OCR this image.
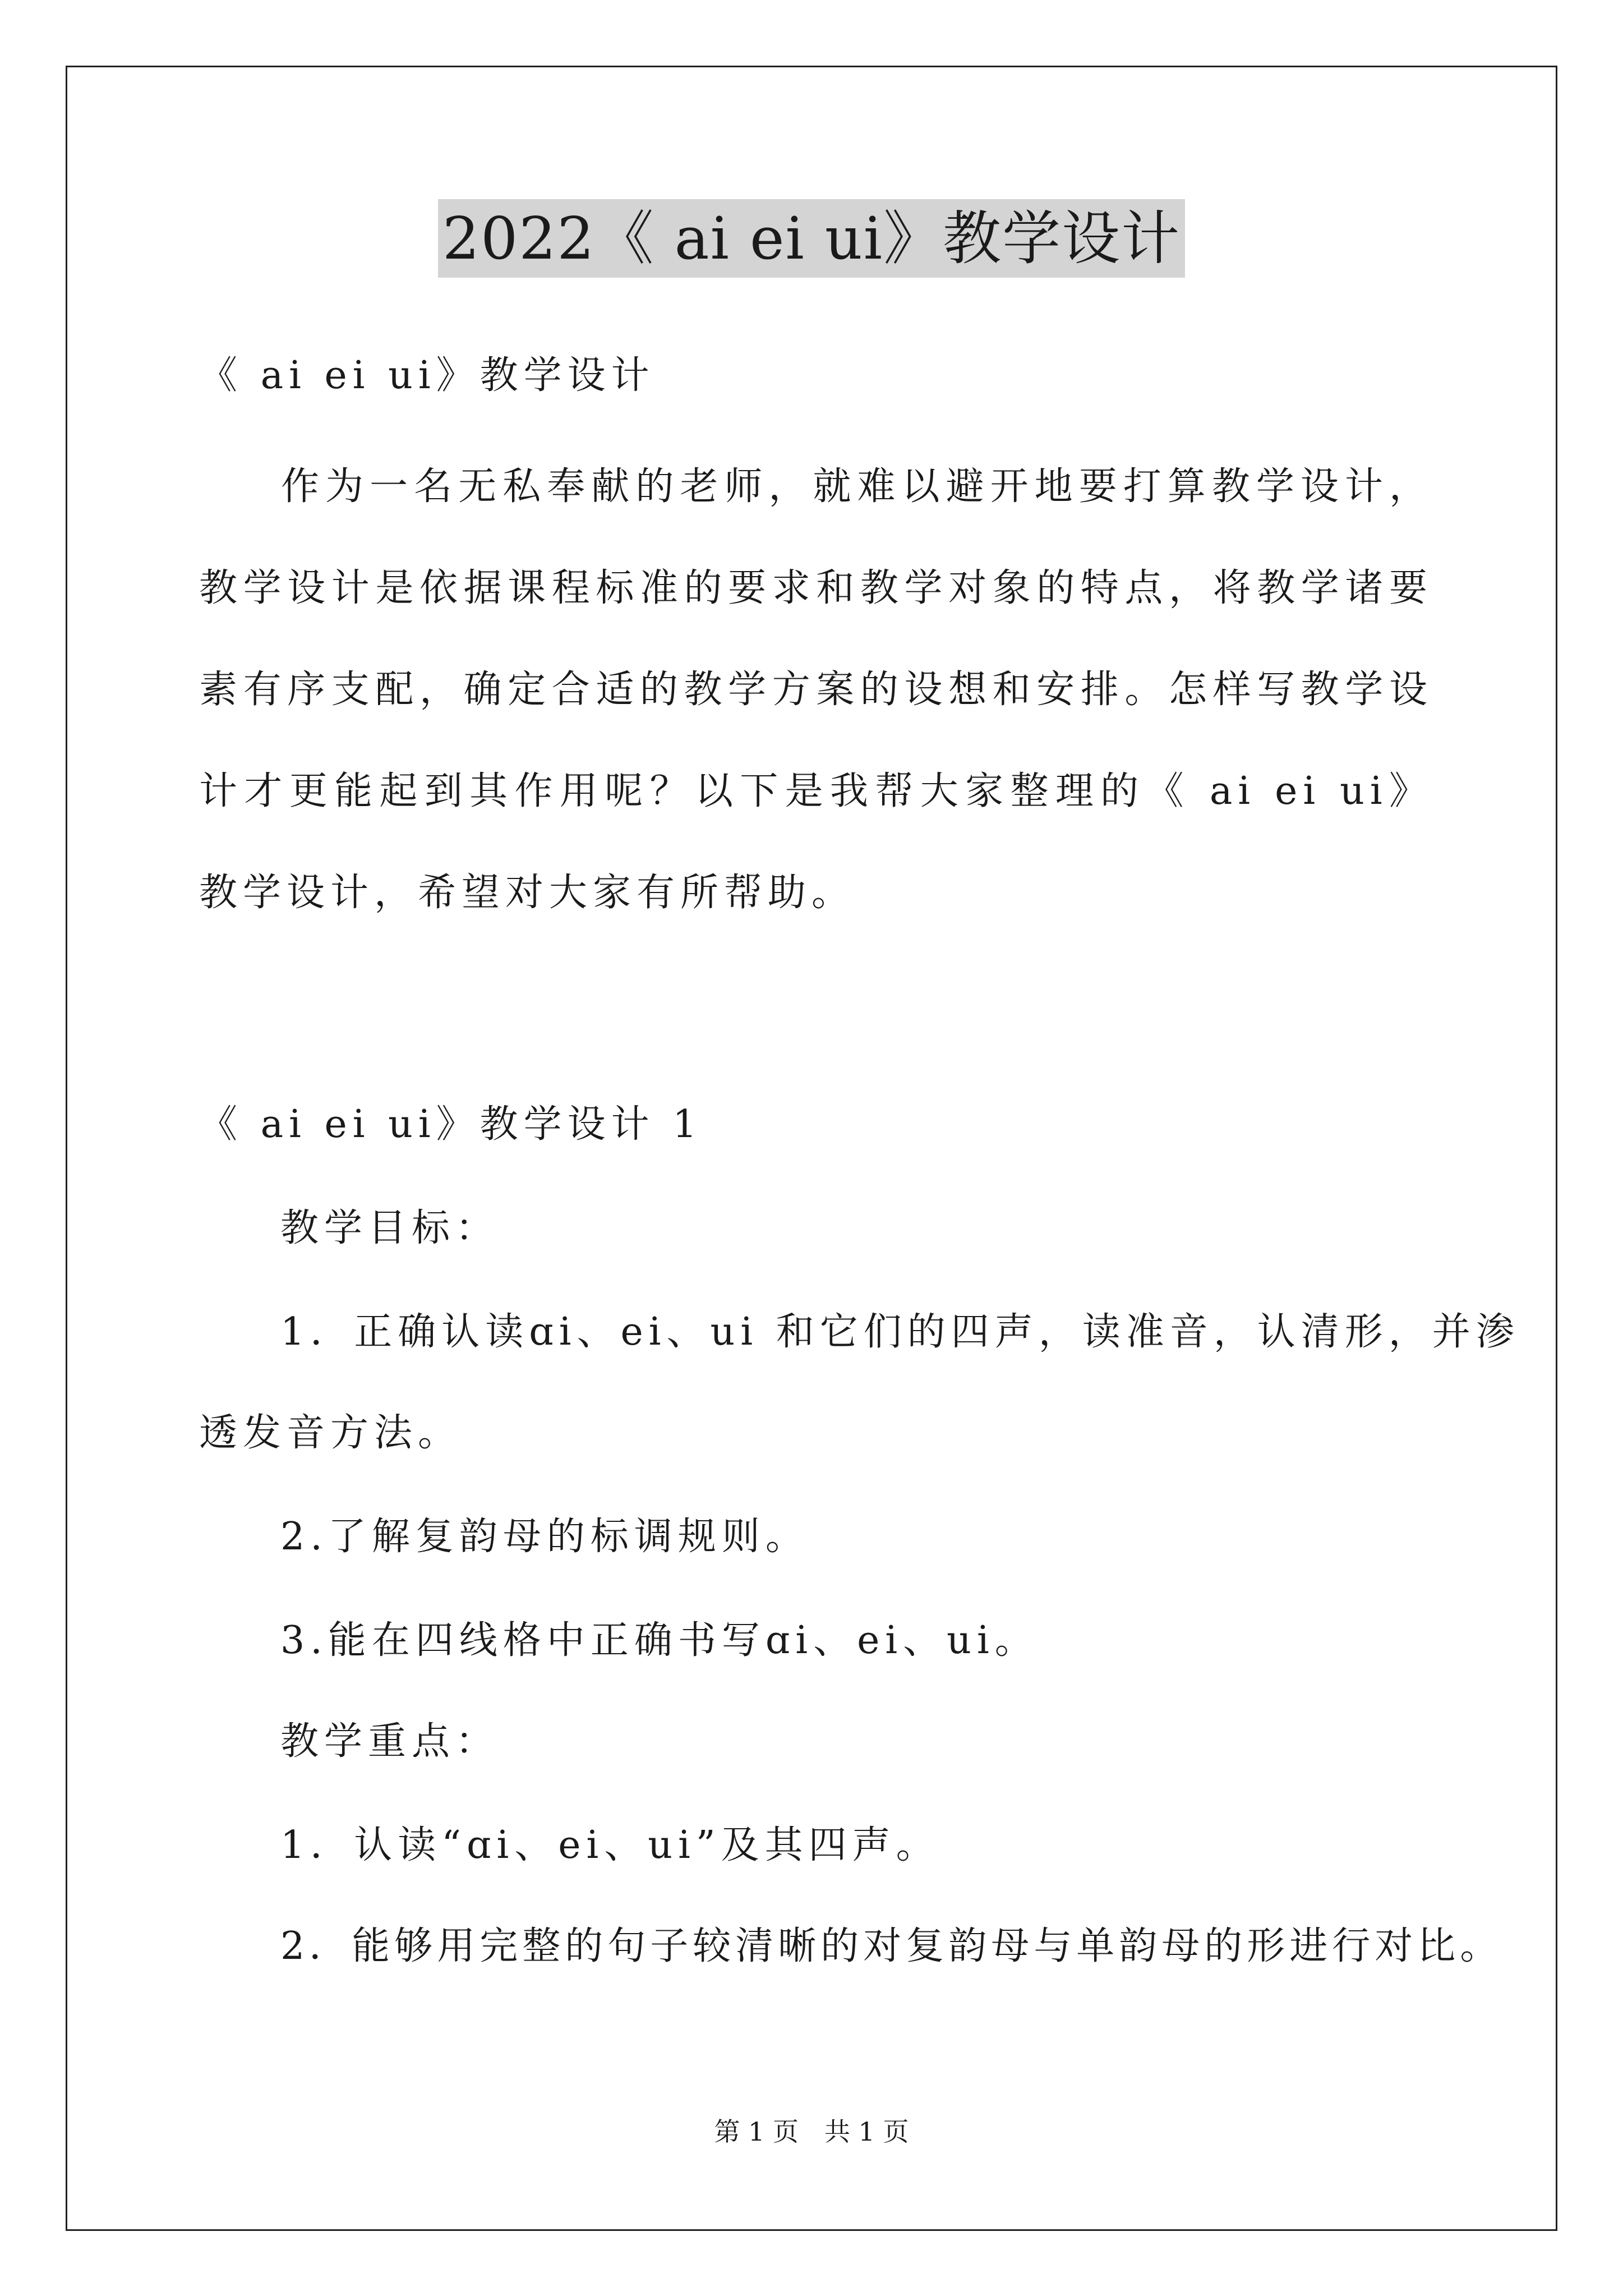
2022《 ai ei ui》教学设计
《 ai ei ui》教学设计
作为一名无私奉献的老师，就难以避开地要打算教学设计，教学设计是依据课程标准的要求和教学对象的特点，将教学诸要素有序支配，确定合适的教学方案的设想和安排。怎样写教学设计才更能起到其作用呢？以下是我帮大家整理的《 ai ei ui》教学设计，希望对大家有所帮助。
《 ai ei ui》教学设计 1
教学目标：
1．正确认读ɑi、ei、ui 和它们的四声，读准音，认清形，并渗
透发音方法。
2.了解复韵母的标调规则。
3.能在四线格中正确书写ɑi、ei、ui。
教学重点：
1．认读“ɑi、ei、ui”及其四声。
2．能够用完整的句子较清晰的对复韵母与单韵母的形进行对比。
第 1 页　共 1 页
